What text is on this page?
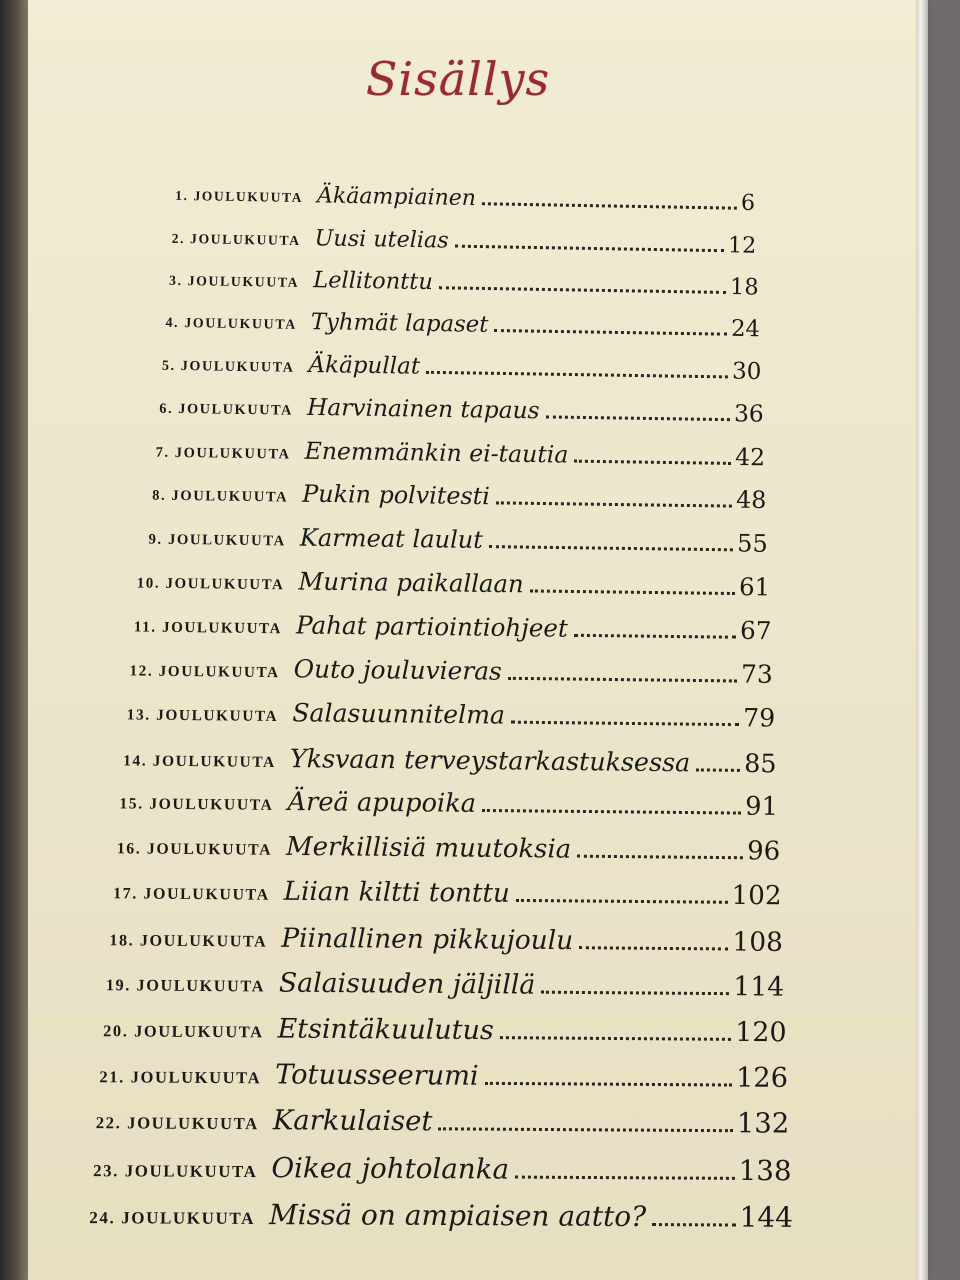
Sisällys
1. JOULUKUUTA Äkäampiainen	6
2. JOULUKUUTA Uusi utelias	12
3. JOULUKUUTA Lellitonttu	18
4. JOULUKUUTA Tyhmät lapaset	24
5. JOULUKUUTA Äkäpullat	30
6. JOULUKUUTA Harvinainen tapaus	36
7. JOULUKUUTA Enemmänkin ei-tautia	42
8. JOULUKUUTA Pukin polvitesti	48
9. JOULUKUUTA Karmeat laulut	55
10. JOULUKUUTA Murina paikallaan	61
11. JOULUKUUTA Pahat partiointiohjeet	67
12. JOULUKUUTA Outo jouluvieras	73
13. JOULUKUUTA Salasuunnitelma	79
14. JOULUKUUTA Yksvaan terveystarkastuksessa 85
15. JOULUKUUTA Äreä apupoika	91
16. JOULUKUUTA Merkillisiä muutoksia	96
17. JOULUKUUTA Liian kiltti tonttu	102
18. JOULUKUUTA Piinallinen pikkujoulu	108
19. JOULUKUUTA Salaisuuden jäljillä	114
20. JOULUKUUTA Etsintäkuulutus	120
21. JOULUKUUTA Totuusseerumi	126
22. JOULUKUUTA Karkulaiset	132
23. JOULUKUUTA Oikea johtolanka	138
24. JOULUKUUTA Missä on ampiaisen aatto?	144
